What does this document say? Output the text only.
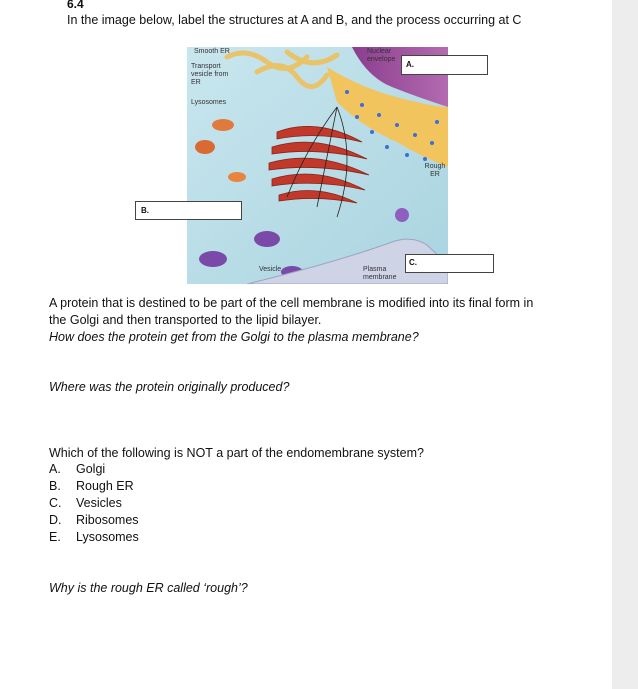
6.4
In the image below, label the structures at A and B, and the process occurring at C
Smooth ER
Transport vesicle from ER
Lysosomes
Nuclear envelope
Rough ER
Vesicle	Plasma membrane
A.
B.
C.
A protein that is destined to be part of the cell membrane is modified into its final form in
the Golgi and then transported to the lipid bilayer.
How does the protein get from the Golgi to the plasma membrane?
Where was the protein originally produced?
Which of the following is NOT a part of the endomembrane system?
A. Golgi
B. Rough ER
C. Vesicles
D. Ribosomes
E. Lysosomes
Why is the rough ER called ‘rough’?
